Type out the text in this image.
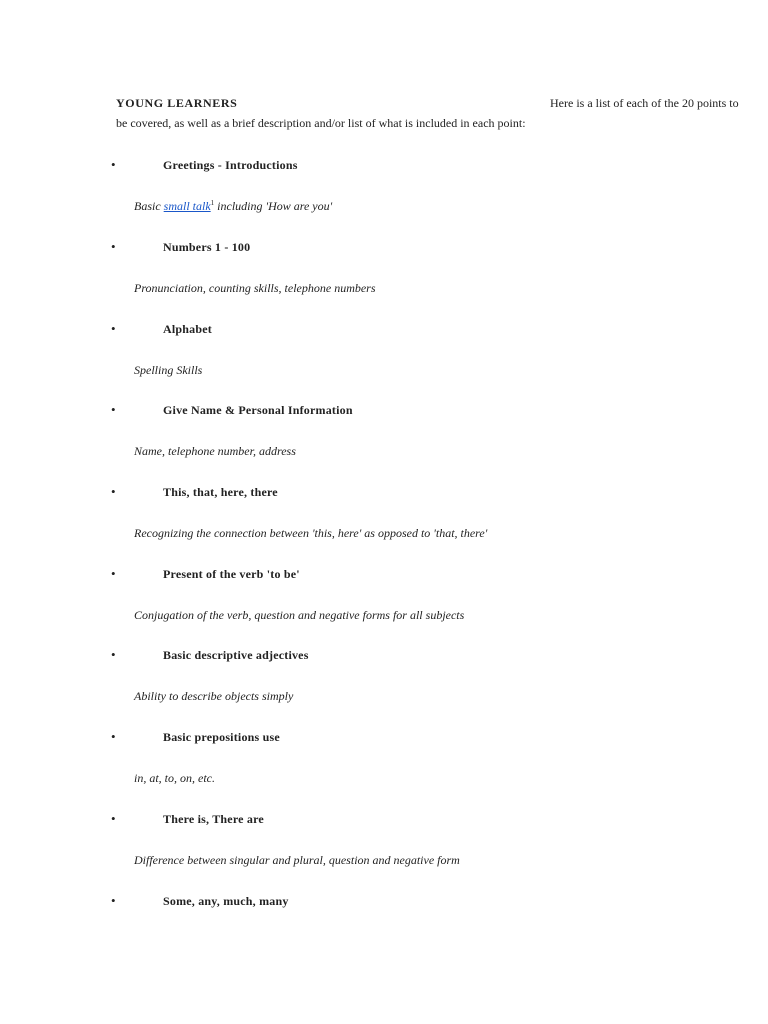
YOUNG LEARNERS	Here is a list of each of the 20 points to
be covered, as well as a brief description and/or list of what is included in each point:
•	Greetings - Introductions
Basic small talk$^1$ including 'How are you'
•	Numbers 1 - 100
Pronunciation, counting skills, telephone numbers
•	Alphabet
Spelling Skills
•	Give Name & Personal Information
Name, telephone number, address
•	This, that, here, there
Recognizing the connection between 'this, here' as opposed to 'that, there'
•	Present of the verb 'to be'
Conjugation of the verb, question and negative forms for all subjects
•	Basic descriptive adjectives
Ability to describe objects simply
•	Basic prepositions use
in, at, to, on, etc.
•	There is, There are
Difference between singular and plural, question and negative form
•	Some, any, much, many
